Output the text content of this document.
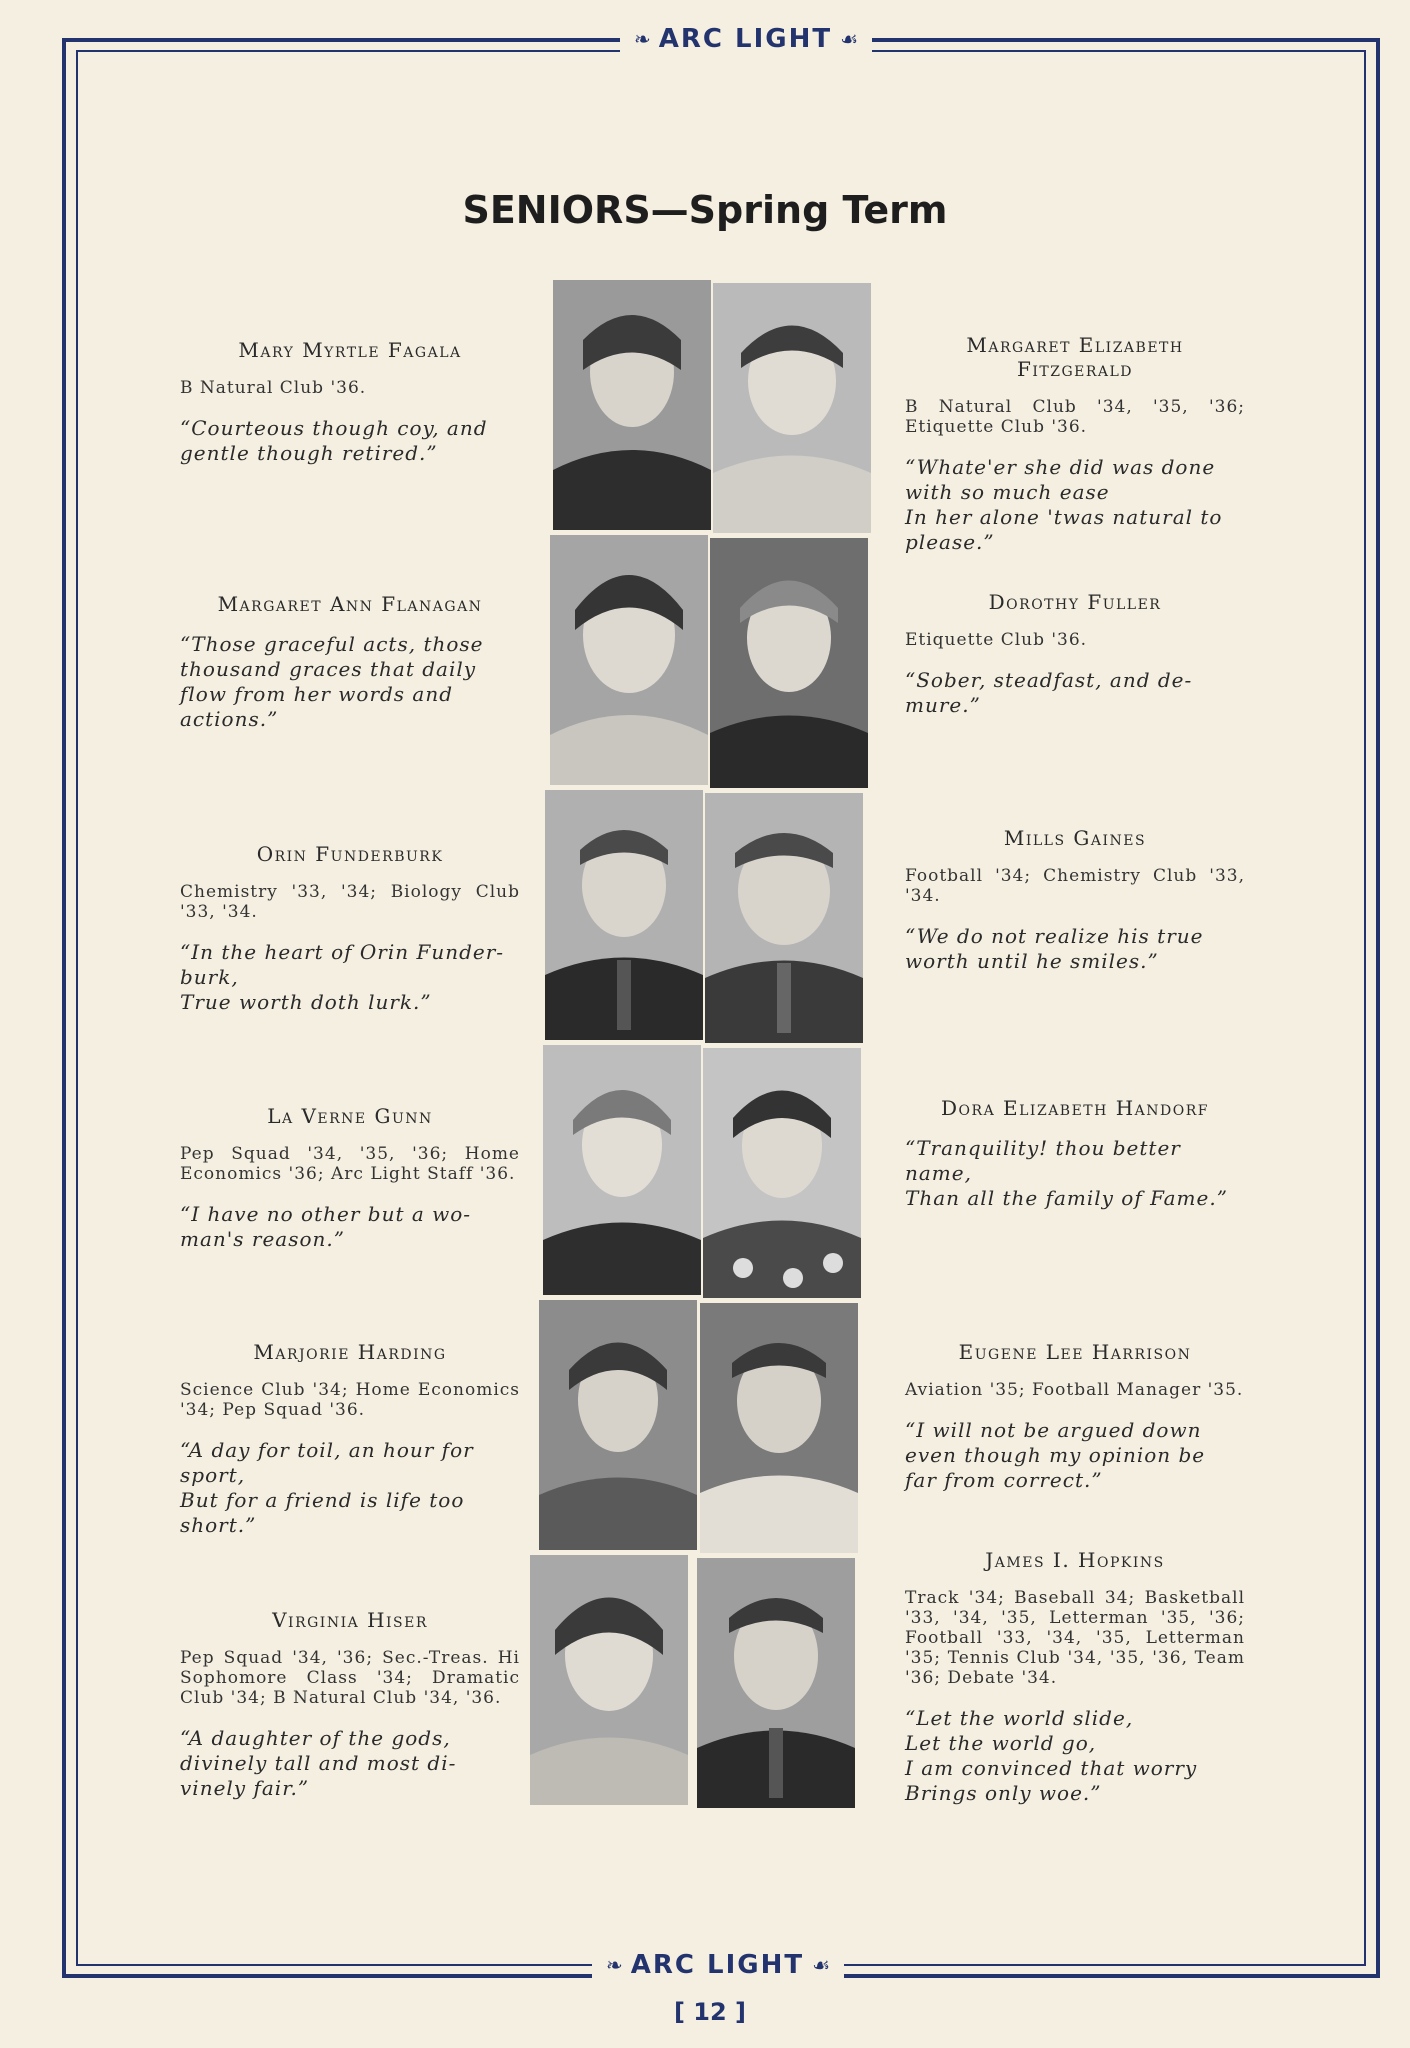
❧ ARC LIGHT ☙
SENIORS—Spring Term
Mary Myrtle Fagala
B Natural Club '36.
“Courteous though coy, and gentle though retired.”
Margaret Ann Flanagan
“Those graceful acts, those thousand graces that daily flow from her words and actions.”
Orin Funderburk
Chemistry '33, '34; Biology Club '33, '34.
“In the heart of Orin Funder-
burk,
True worth doth lurk.”
La Verne Gunn
Pep Squad '34, '35, '36; Home Economics '36; Arc Light Staff '36.
“I have no other but a wo-
man's reason.”
Marjorie Harding
Science Club '34; Home Economics '34; Pep Squad '36.
“A day for toil, an hour for
sport,
But for a friend is life too
short.”
Virginia Hiser
Pep Squad '34, '36; Sec.-Treas. Hi Sophomore Class '34; Dramatic Club '34; B Natural Club '34, '36.
“A daughter of the gods,
divinely tall and most di-
vinely fair.”
Margaret Elizabeth Fitzgerald
B Natural Club '34, '35, '36; Etiquette Club '36.
“Whate'er she did was done
with so much ease
In her alone 'twas natural to
please.”
Dorothy Fuller
Etiquette Club '36.
“Sober, steadfast, and de-
mure.”
Mills Gaines
Football '34; Chemistry Club '33, '34.
“We do not realize his true
worth until he smiles.”
Dora Elizabeth Handorf
“Tranquility! thou better
name,
Than all the family of Fame.”
Eugene Lee Harrison
Aviation '35; Football Manager '35.
“I will not be argued down
even though my opinion be
far from correct.”
James I. Hopkins
Track '34; Baseball 34; Basketball '33, '34, '35, Letterman '35, '36; Football '33, '34, '35, Letterman '35; Tennis Club '34, '35, '36, Team '36; Debate '34.
“Let the world slide,
Let the world go,
I am convinced that worry
Brings only woe.”
❧ ARC LIGHT ☙
[ 12 ]
